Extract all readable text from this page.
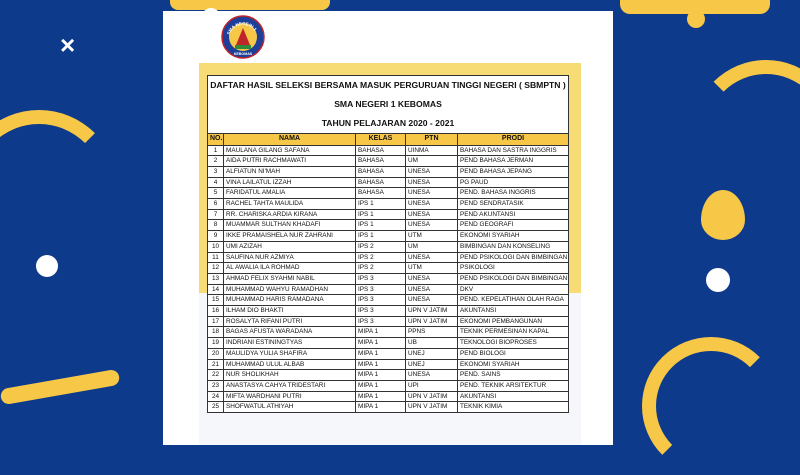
×	SMA NEGERI 1
KEBOMAS
DAFTAR HASIL SELEKSI BERSAMA MASUK PERGURUAN TINGGI NEGERI ( SBMPTN )
SMA NEGERI 1 KEBOMAS
TAHUN PELAJARAN 2020 - 2021
NO.	NAMA	KELAS	PTN	PRODI
1	MAULANA GILANG SAFANA	BAHASA	UINMA	BAHASA DAN SASTRA INGGRIS
2	AIDA PUTRI RACHMAWATI	BAHASA	UM	PEND BAHASA JERMAN
3	ALFIATUN NI'MAH	BAHASA	UNESA	PEND BAHASA JEPANG
4	VINA LAILATUL IZZAH	BAHASA	UNESA	PG PAUD
5	FARIDATUL AMALIA	BAHASA	UNESA	PEND. BAHASA INGGRIS
6	RACHEL TAHTA MAULIDA	IPS 1	UNESA	PEND SENDRATASIK
7	RR. CHARISKA ARDIA KIRANA	IPS 1	UNESA	PEND AKUNTANSI
8	MUAMMAR SULTHAN KHADAFI	IPS 1	UNESA	PEND GEOGRAFI
9	IKKE PRAMAISHELA NUR ZAHRANI	IPS 1	UTM	EKONOMI SYARIAH
10	UMI AZIZAH	IPS 2	UM	BIMBINGAN DAN KONSELING
11	SAUFINA NUR AZMIYA	IPS 2	UNESA	PEND PSIKOLOGI DAN BIMBINGAN
12	AL AWALIA ILA ROHMAD	IPS 2	UTM	PSIKOLOGI
13	AHMAD FELIX SYAHMI NABIL	IPS 3	UNESA	PEND PSIKOLOGI DAN BIMBINGAN
14	MUHAMMAD WAHYU RAMADHAN	IPS 3	UNESA	DKV
15	MUHAMMAD HARIS RAMADANA	IPS 3	UNESA	PEND. KEPELATIHAN OLAH RAGA
16	ILHAM DIO BHAKTI	IPS 3	UPN V JATIM	AKUNTANSI
17	ROSALYTA RIFANI PUTRI	IPS 3	UPN V JATIM	EKONOMI PEMBANGUNAN
18	BAGAS AFUSTA WARADANA	MIPA 1	PPNS	TEKNIK PERMESINAN KAPAL
19	INDRIANI ESTININGTYAS	MIPA 1	UB	TEKNOLOGI BIOPROSES
20	MAULIDYA YULIA SHAFIRA	MIPA 1	UNEJ	PEND BIOLOGI
21	MUHAMMAD ULUL ALBAB	MIPA 1	UNEJ	EKONOMI SYARIAH
22	NUR SHOLIKHAH	MIPA 1	UNESA	PEND. SAINS
23	ANASTASYA CAHYA TRIDESTARI	MIPA 1	UPI	PEND. TEKNIK ARSITEKTUR
24	MIFTA WARDHANI PUTRI	MIPA 1	UPN V JATIM	AKUNTANSI
25	SHOFWATUL ATHIYAH	MIPA 1	UPN V JATIM	TEKNIK KIMIA
